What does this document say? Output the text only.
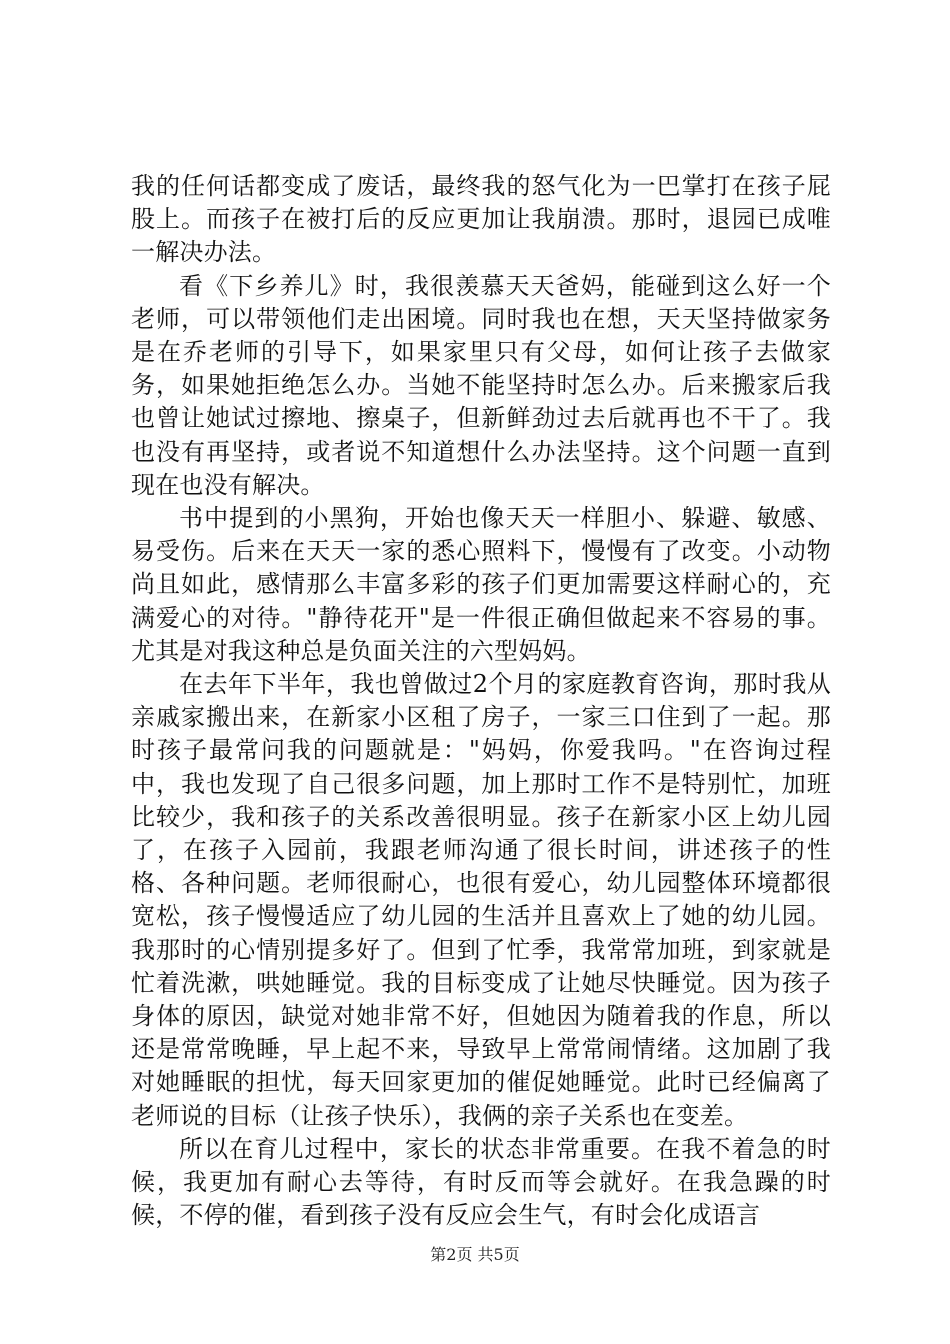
我的任何话都变成了废话，最终我的怒气化为一巴掌打在孩子屁股上。而孩子在被打后的反应更加让我崩溃。那时，退园已成唯一解决办法。

看《下乡养儿》时，我很羡慕天天爸妈，能碰到这么好一个老师，可以带领他们走出困境。同时我也在想，天天坚持做家务是在乔老师的引导下，如果家里只有父母，如何让孩子去做家务，如果她拒绝怎么办。当她不能坚持时怎么办。后来搬家后我也曾让她试过擦地、擦桌子，但新鲜劲过去后就再也不干了。我也没有再坚持，或者说不知道想什么办法坚持。这个问题一直到现在也没有解决。

书中提到的小黑狗，开始也像天天一样胆小、躲避、敏感、易受伤。后来在天天一家的悉心照料下，慢慢有了改变。小动物尚且如此，感情那么丰富多彩的孩子们更加需要这样耐心的，充满爱心的对待。"静待花开"是一件很正确但做起来不容易的事。尤其是对我这种总是负面关注的六型妈妈。

在去年下半年，我也曾做过2个月的家庭教育咨询，那时我从亲戚家搬出来，在新家小区租了房子，一家三口住到了一起。那时孩子最常问我的问题就是："妈妈，你爱我吗。"在咨询过程中，我也发现了自己很多问题，加上那时工作不是特别忙，加班比较少，我和孩子的关系改善很明显。孩子在新家小区上幼儿园了，在孩子入园前，我跟老师沟通了很长时间，讲述孩子的性格、各种问题。老师很耐心，也很有爱心，幼儿园整体环境都很宽松，孩子慢慢适应了幼儿园的生活并且喜欢上了她的幼儿园。我那时的心情别提多好了。但到了忙季，我常常加班，到家就是忙着洗漱，哄她睡觉。我的目标变成了让她尽快睡觉。因为孩子身体的原因，缺觉对她非常不好，但她因为随着我的作息，所以还是常常晚睡，早上起不来，导致早上常常闹情绪。这加剧了我对她睡眠的担忧，每天回家更加的催促她睡觉。此时已经偏离了老师说的目标（让孩子快乐），我俩的亲子关系也在变差。

所以在育儿过程中，家长的状态非常重要。在我不着急的时候，我更加有耐心去等待，有时反而等会就好。在我急躁的时候，不停的催，看到孩子没有反应会生气，有时会化成语言

第2页 共5页
